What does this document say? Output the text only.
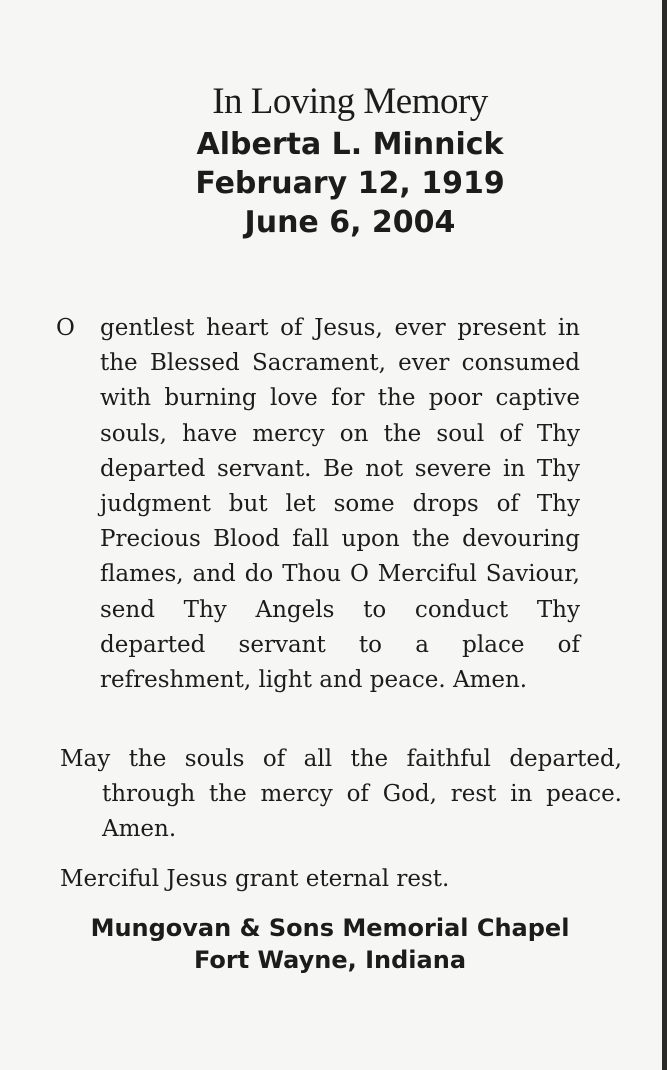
In Loving Memory
Alberta L. Minnick
February 12, 1919
June 6, 2004
O	gentlest heart of Jesus, ever present in the Blessed Sacrament, ever consumed with burning love for the poor captive souls, have mercy on the soul of Thy departed servant. Be not severe in Thy judgment but let some drops of Thy Precious Blood fall upon the devouring flames, and do Thou O Merciful Saviour, send Thy Angels to conduct Thy departed servant to a place of refreshment, light and peace. Amen.
May the souls of all the faithful departed, through the mercy of God, rest in peace. Amen.
Merciful Jesus grant eternal rest.
Mungovan & Sons Memorial Chapel
Fort Wayne, Indiana
